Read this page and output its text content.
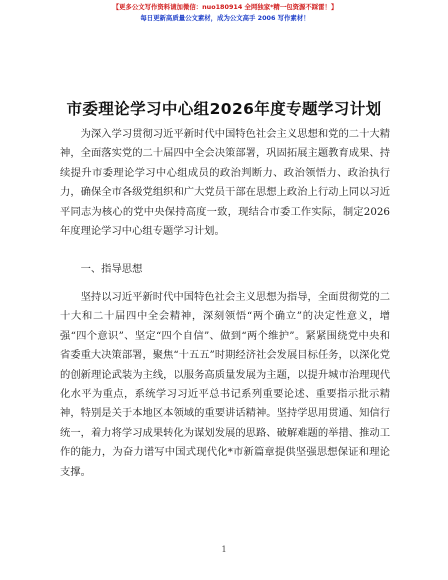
【更多公文写作资料请加微信：nuo180914 全网独家*精一包资源不踩雷！】
每日更新高质量公文素材，成为公文高手 2006 写作素材！
市委理论学习中心组2026年度专题学习计划

为深入学习贯彻习近平新时代中国特色社会主义思想和党的二十大精神，全面落实党的二十届四中全会决策部署，巩固拓展主题教育成果、持续提升市委理论学习中心组成员的政治判断力、政治领悟力、政治执行力，确保全市各级党组织和广大党员干部在思想上政治上行动上同以习近平同志为核心的党中央保持高度一致，现结合市委工作实际，制定2026年度理论学习中心组专题学习计划。

一、指导思想

坚持以习近平新时代中国特色社会主义思想为指导，全面贯彻党的二十大和二十届四中全会精神，深刻领悟“两个确立”的决定性意义，增强“四个意识”、坚定“四个自信”、做到“两个维护”。紧紧围绕党中央和省委重大决策部署，聚焦“十五五”时期经济社会发展目标任务，以深化党的创新理论武装为主线，以服务高质量发展为主题，以提升城市治理现代化水平为重点，系统学习习近平总书记系列重要论述、重要指示批示精神，特别是关于本地区本领域的重要讲话精神。坚持学思用贯通、知信行统一，着力将学习成果转化为谋划发展的思路、破解难题的举措、推动工作的能力，为奋力谱写中国式现代化*市新篇章提供坚强思想保证和理论支撑。

1
